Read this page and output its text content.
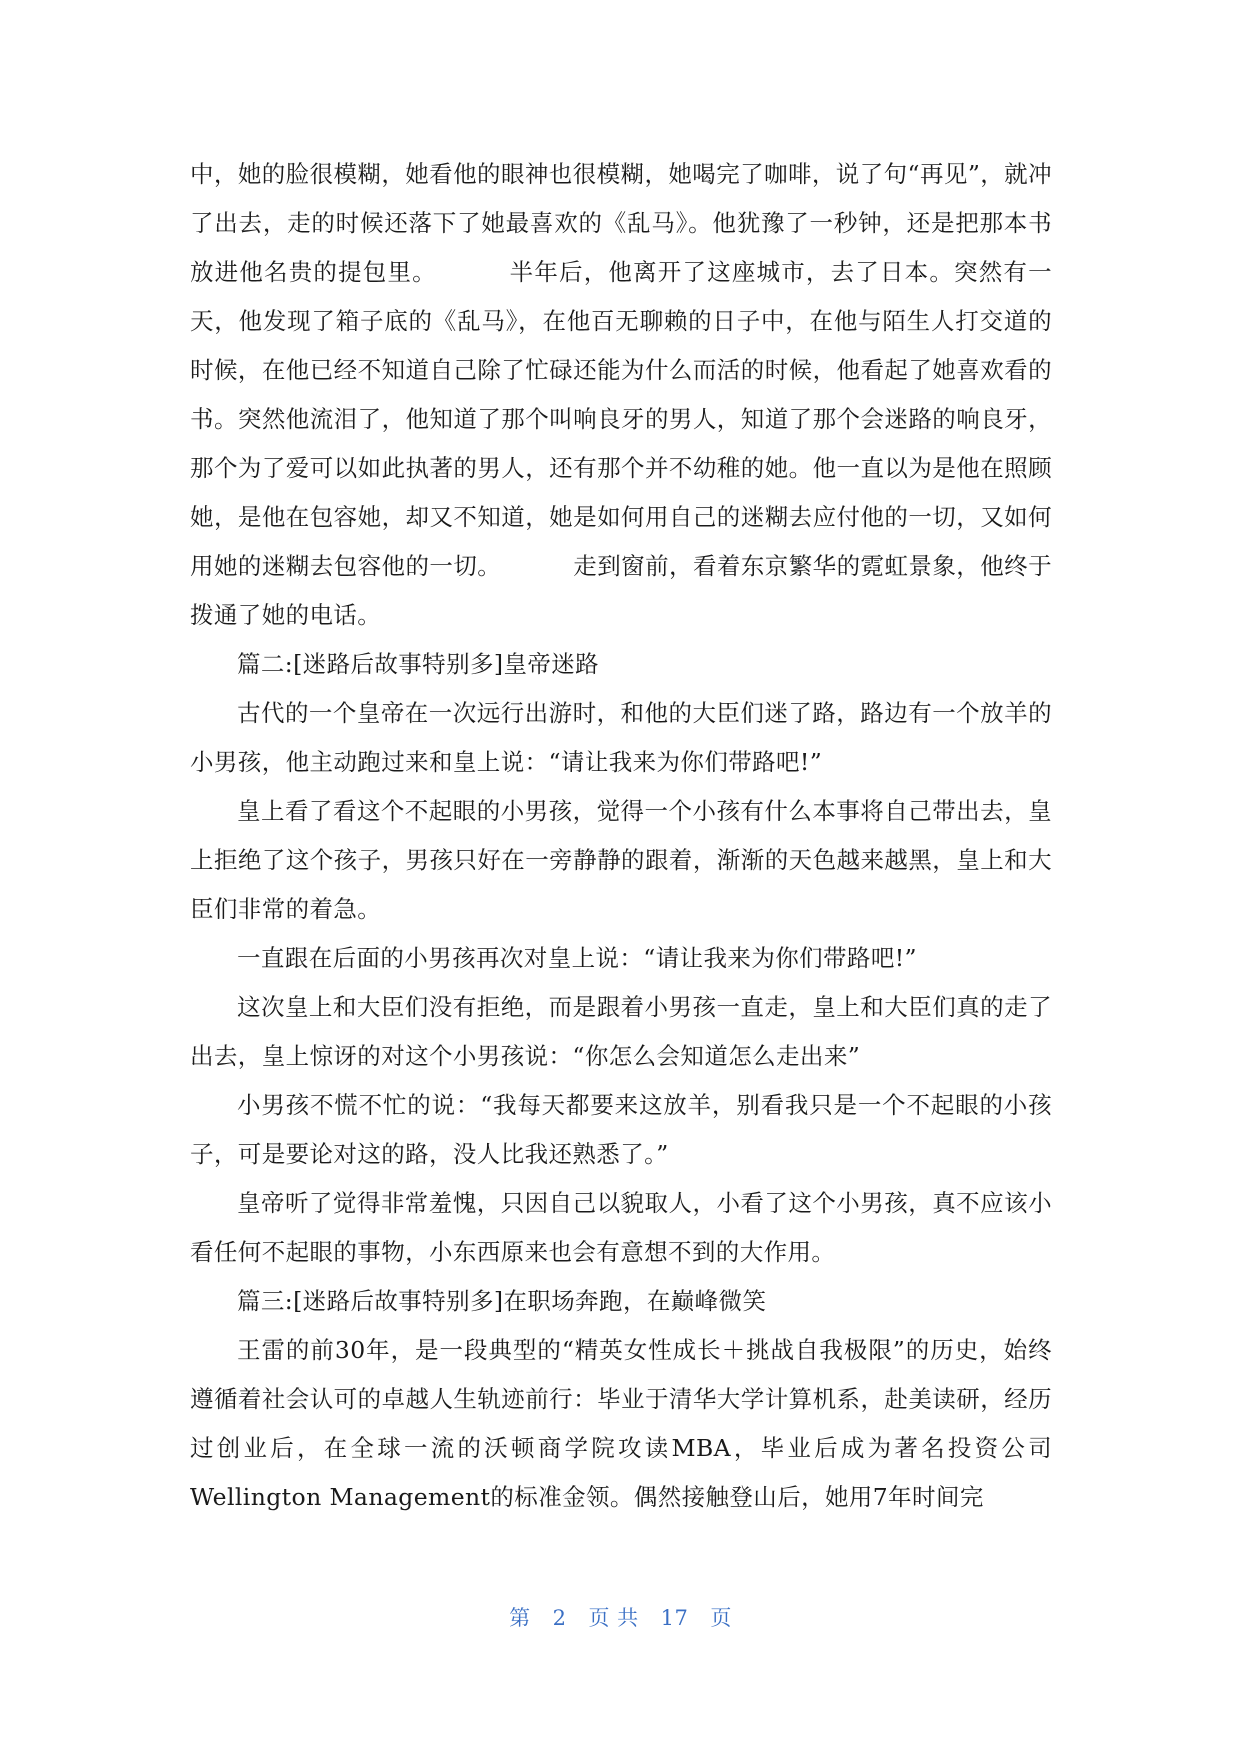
中，她的脸很模糊，她看他的眼神也很模糊，她喝完了咖啡，说了句“再见”，就冲了出去，走的时候还落下了她最喜欢的《乱马》。他犹豫了一秒钟，还是把那本书放进他名贵的提包里。	半年后，他离开了这座城市，去了日本。突然有一天，他发现了箱子底的《乱马》，在他百无聊赖的日子中，在他与陌生人打交道的时候，在他已经不知道自己除了忙碌还能为什么而活的时候，他看起了她喜欢看的书。突然他流泪了，他知道了那个叫响良牙的男人，知道了那个会迷路的响良牙，那个为了爱可以如此执著的男人，还有那个并不幼稚的她。他一直以为是他在照顾她，是他在包容她，却又不知道，她是如何用自己的迷糊去应付他的一切，又如何用她的迷糊去包容他的一切。	走到窗前，看着东京繁华的霓虹景象，他终于拨通了她的电话。

篇二:[迷路后故事特别多]皇帝迷路

古代的一个皇帝在一次远行出游时，和他的大臣们迷了路，路边有一个放羊的小男孩，他主动跑过来和皇上说：“请让我来为你们带路吧!”

皇上看了看这个不起眼的小男孩，觉得一个小孩有什么本事将自己带出去，皇上拒绝了这个孩子，男孩只好在一旁静静的跟着，渐渐的天色越来越黑，皇上和大臣们非常的着急。

一直跟在后面的小男孩再次对皇上说：“请让我来为你们带路吧!”

这次皇上和大臣们没有拒绝，而是跟着小男孩一直走，皇上和大臣们真的走了出去，皇上惊讶的对这个小男孩说：“你怎么会知道怎么走出来”

小男孩不慌不忙的说：“我每天都要来这放羊，别看我只是一个不起眼的小孩子，可是要论对这的路，没人比我还熟悉了。”

皇帝听了觉得非常羞愧，只因自己以貌取人，小看了这个小男孩，真不应该小看任何不起眼的事物，小东西原来也会有意想不到的大作用。

篇三:[迷路后故事特别多]在职场奔跑，在巅峰微笑

王雷的前30年，是一段典型的“精英女性成长＋挑战自我极限”的历史，始终遵循着社会认可的卓越人生轨迹前行：毕业于清华大学计算机系，赴美读研，经历过创业后，在全球一流的沃顿商学院攻读MBA，毕业后成为著名投资公司Wellington Management的标准金领。偶然接触登山后，她用7年时间完

第 2 页 共 17 页
